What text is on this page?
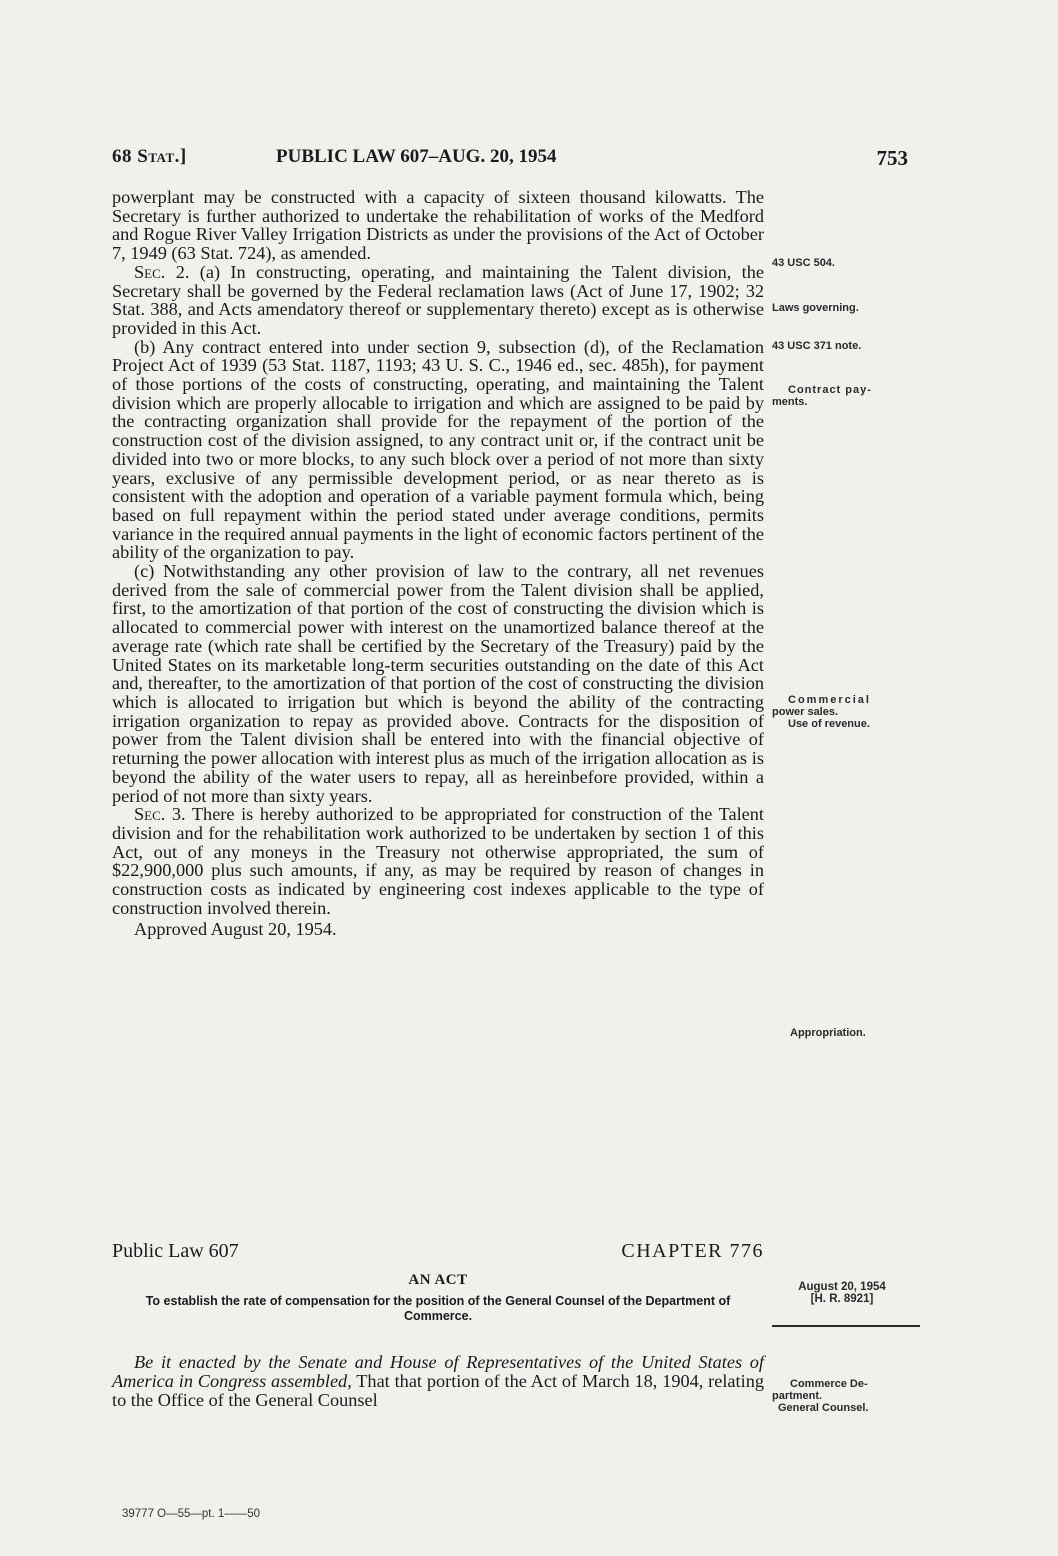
68 Stat.]	PUBLIC LAW 607–AUG. 20, 1954	753

powerplant may be constructed with a capacity of sixteen thousand kilowatts. The Secretary is further authorized to undertake the rehabilitation of works of the Medford and Rogue River Valley Irrigation Districts as under the provisions of the Act of October 7, 1949 (63 Stat. 724), as amended.

Sec. 2. (a) In constructing, operating, and maintaining the Talent division, the Secretary shall be governed by the Federal reclamation laws (Act of June 17, 1902; 32 Stat. 388, and Acts amendatory thereof or supplementary thereto) except as is otherwise provided in this Act.

(b) Any contract entered into under section 9, subsection (d), of the Reclamation Project Act of 1939 (53 Stat. 1187, 1193; 43 U. S. C., 1946 ed., sec. 485h), for payment of those portions of the costs of constructing, operating, and maintaining the Talent division which are properly allocable to irrigation and which are assigned to be paid by the contracting organization shall provide for the repayment of the portion of the construction cost of the division assigned, to any contract unit or, if the contract unit be divided into two or more blocks, to any such block over a period of not more than sixty years, exclusive of any permissible development period, or as near thereto as is consistent with the adoption and operation of a variable payment formula which, being based on full repayment within the period stated under average conditions, permits variance in the required annual payments in the light of economic factors pertinent of the ability of the organization to pay.

(c) Notwithstanding any other provision of law to the contrary, all net revenues derived from the sale of commercial power from the Talent division shall be applied, first, to the amortization of that portion of the cost of constructing the division which is allocated to commercial power with interest on the unamortized balance thereof at the average rate (which rate shall be certified by the Secretary of the Treasury) paid by the United States on its marketable long-term securities outstanding on the date of this Act and, thereafter, to the amortization of that portion of the cost of constructing the division which is allocated to irrigation but which is beyond the ability of the contracting irrigation organization to repay as provided above. Contracts for the disposition of power from the Talent division shall be entered into with the financial objective of returning the power allocation with interest plus as much of the irrigation allocation as is beyond the ability of the water users to repay, all as hereinbefore provided, within a period of not more than sixty years.

Sec. 3. There is hereby authorized to be appropriated for construction of the Talent division and for the rehabilitation work authorized to be undertaken by section 1 of this Act, out of any moneys in the Treasury not otherwise appropriated, the sum of $22,900,000 plus such amounts, if any, as may be required by reason of changes in construction costs as indicated by engineering cost indexes applicable to the type of construction involved therein.

Approved August 20, 1954.

43 USC 504.
Laws governing.
43 USC 371 note.
Contract pay-
ments.
Commercial
power sales.
Use of revenue.
Appropriation.
Public Law 607	CHAPTER 776
AN ACT
To establish the rate of compensation for the position of the General Counsel of the Department of Commerce.
August 20, 1954
[H. R. 8921]

Be it enacted by the Senate and House of Representatives of the United States of America in Congress assembled, That that portion of the Act of March 18, 1904, relating to the Office of the General Counsel

Commerce De-
partment.
General Counsel.
39777 O—55—pt. 1——50
